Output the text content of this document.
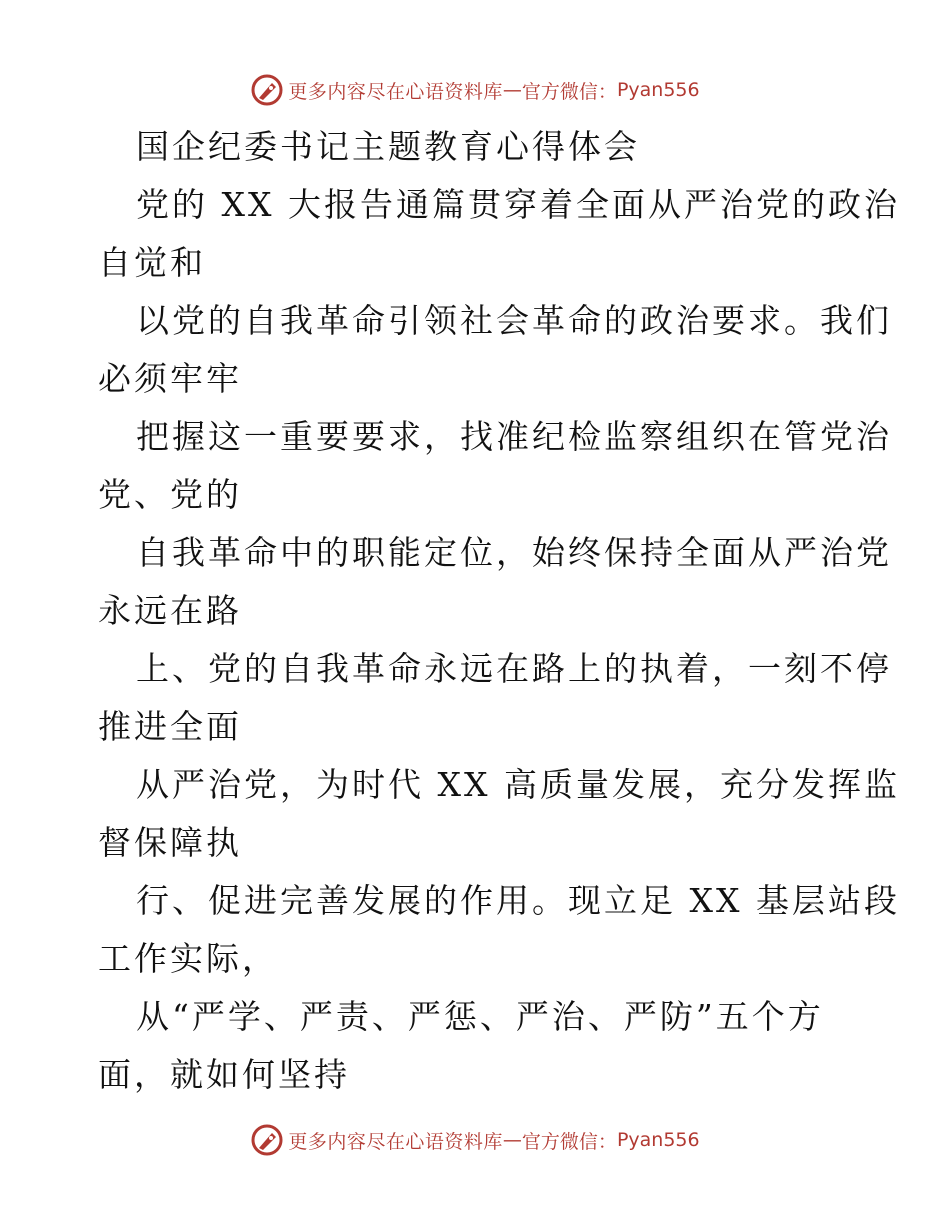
更多内容尽在心语资料库 — 官方微信： Pyan556
国企纪委书记主题教育心得体会
党的 XX 大报告通篇贯穿着全面从严治党的政治
自觉和
以党的自我革命引领社会革命的政治要求。我们
必须牢牢
把握这一重要要求，找准纪检监察组织在管党治
党、党的
自我革命中的职能定位，始终保持全面从严治党
永远在路
上、党的自我革命永远在路上的执着，一刻不停
推进全面
从严治党，为时代 XX 高质量发展，充分发挥监
督保障执
行、促进完善发展的作用。现立足 XX 基层站段
工作实际，
从“严学、严责、严惩、严治、严防”五个方
面，就如何坚持
更多内容尽在心语资料库 — 官方微信： Pyan556
